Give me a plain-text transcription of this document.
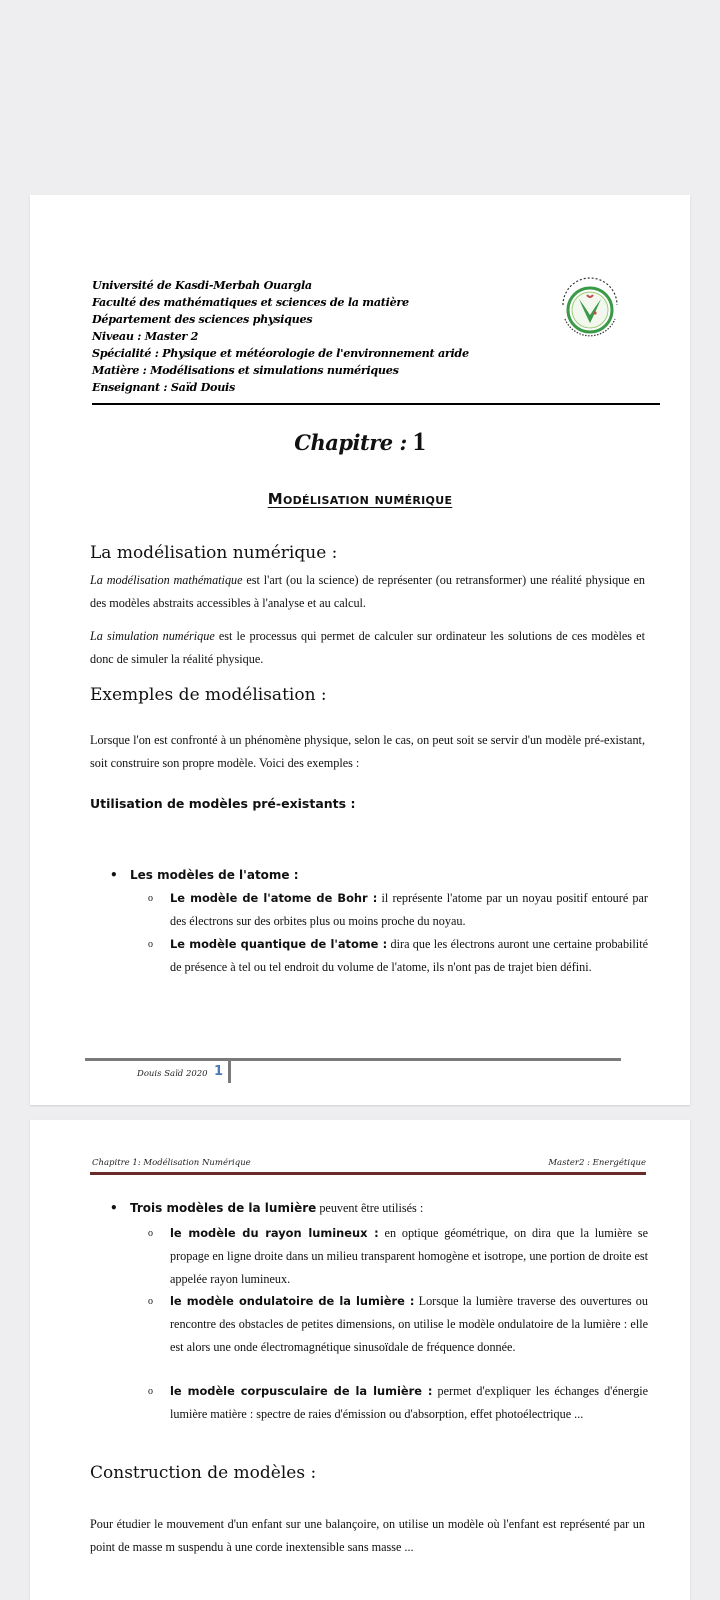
Université de Kasdi-Merbah Ouargla
Faculté des mathématiques et sciences de la matière
Département des sciences physiques
Niveau : Master 2
Spécialité : Physique et météorologie de l'environnement aride
Matière : Modélisations et simulations numériques
Enseignant : Saïd Douis
Chapitre : 1
Modélisation numérique
La modélisation numérique :
La modélisation mathématique est l'art (ou la science) de représenter (ou retransformer) une réalité physique en des modèles abstraits accessibles à l'analyse et au calcul.
La simulation numérique est le processus qui permet de calculer sur ordinateur les solutions de ces modèles et donc de simuler la réalité physique.
Exemples de modélisation :
Lorsque l'on est confronté à un phénomène physique, selon le cas, on peut soit se servir d'un modèle pré-existant, soit construire son propre modèle. Voici des exemples :
Utilisation de modèles pré-existants :
• Les modèles de l'atome :
o Le modèle de l'atome de Bohr : il représente l'atome par un noyau positif entouré par des électrons sur des orbites plus ou moins proche du noyau.
o Le modèle quantique de l'atome : dira que les électrons auront une certaine probabilité de présence à tel ou tel endroit du volume de l'atome, ils n'ont pas de trajet bien défini.
Douis Saïd 2020 1
Chapitre 1: Modélisation Numérique	Master2 : Energétique
• Trois modèles de la lumière peuvent être utilisés :
o le modèle du rayon lumineux : en optique géométrique, on dira que la lumière se propage en ligne droite dans un milieu transparent homogène et isotrope, une portion de droite est appelée rayon lumineux.
o le modèle ondulatoire de la lumière : Lorsque la lumière traverse des ouvertures ou rencontre des obstacles de petites dimensions, on utilise le modèle ondulatoire de la lumière : elle est alors une onde électromagnétique sinusoïdale de fréquence donnée.
o le modèle corpusculaire de la lumière : permet d'expliquer les échanges d'énergie lumière matière : spectre de raies d'émission ou d'absorption, effet photoélectrique ...
Construction de modèles :
Pour étudier le mouvement d'un enfant sur une balançoire, on utilise un modèle où l'enfant est représenté par un point de masse m suspendu à une corde inextensible sans masse ...
